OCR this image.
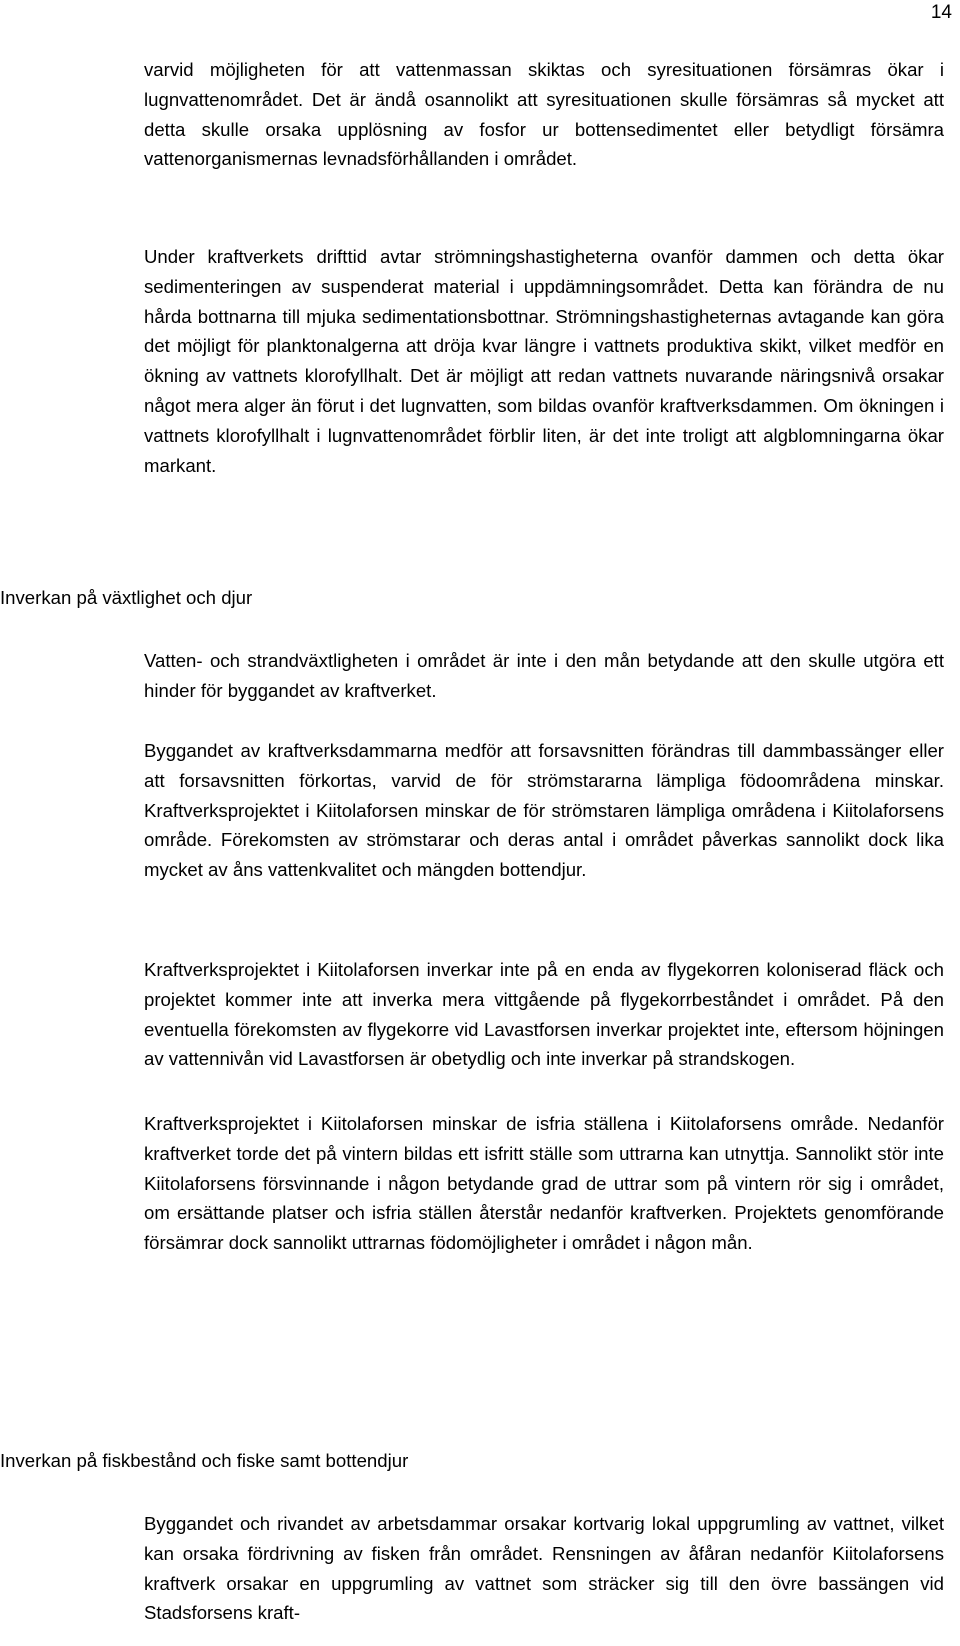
14

varvid möjligheten för att vattenmassan skiktas och syresituationen försämras ökar i lugnvattenområdet. Det är ändå osannolikt att syresituationen skulle försämras så mycket att detta skulle orsaka upplösning av fosfor ur bottensedimentet eller betydligt försämra vattenorganismernas levnadsförhållanden i området.

Under kraftverkets drifttid avtar strömningshastigheterna ovanför dammen och detta ökar sedimenteringen av suspenderat material i uppdämningsområdet. Detta kan förändra de nu hårda bottnarna till mjuka sedimentationsbottnar. Strömningshastigheternas avtagande kan göra det möjligt för planktonalgerna att dröja kvar längre i vattnets produktiva skikt, vilket medför en ökning av vattnets klorofyllhalt. Det är möjligt att redan vattnets nuvarande näringsnivå orsakar något mera alger än förut i det lugnvatten, som bildas ovanför kraftverksdammen. Om ökningen i vattnets klorofyllhalt i lugnvattenområdet förblir liten, är det inte troligt att algblomningarna ökar markant.

Inverkan på växtlighet och djur

Vatten- och strandväxtligheten i området är inte i den mån betydande att den skulle utgöra ett hinder för byggandet av kraftverket.

Byggandet av kraftverksdammarna medför att forsavsnitten förändras till dammbassänger eller att forsavsnitten förkortas, varvid de för strömstararna lämpliga födoområdena minskar. Kraftverksprojektet i Kiitolaforsen minskar de för strömstaren lämpliga områdena i Kiitolaforsens område. Förekomsten av strömstarar och deras antal i området påverkas sannolikt dock lika mycket av åns vattenkvalitet och mängden bottendjur.

Kraftverksprojektet i Kiitolaforsen inverkar inte på en enda av flygekorren koloniserad fläck och projektet kommer inte att inverka mera vittgående på flygekorrbeståndet i området. På den eventuella förekomsten av flygekorre vid Lavastforsen inverkar projektet inte, eftersom höjningen av vattennivån vid Lavastforsen är obetydlig och inte inverkar på strandskogen.

Kraftverksprojektet i Kiitolaforsen minskar de isfria ställena i Kiitolaforsens område. Nedanför kraftverket torde det på vintern bildas ett isfritt ställe som uttrarna kan utnyttja. Sannolikt stör inte Kiitolaforsens försvinnande i någon betydande grad de uttrar som på vintern rör sig i området, om ersättande platser och isfria ställen återstår nedanför kraftverken. Projektets genomförande försämrar dock sannolikt uttrarnas födomöjligheter i området i någon mån.

Inverkan på fiskbestånd och fiske samt bottendjur

Byggandet och rivandet av arbetsdammar orsakar kortvarig lokal uppgrumling av vattnet, vilket kan orsaka fördrivning av fisken från området. Rensningen av åfåran nedanför Kiitolaforsens kraftverk orsakar en uppgrumling av vattnet som sträcker sig till den övre bassängen vid Stadsforsens kraft-
